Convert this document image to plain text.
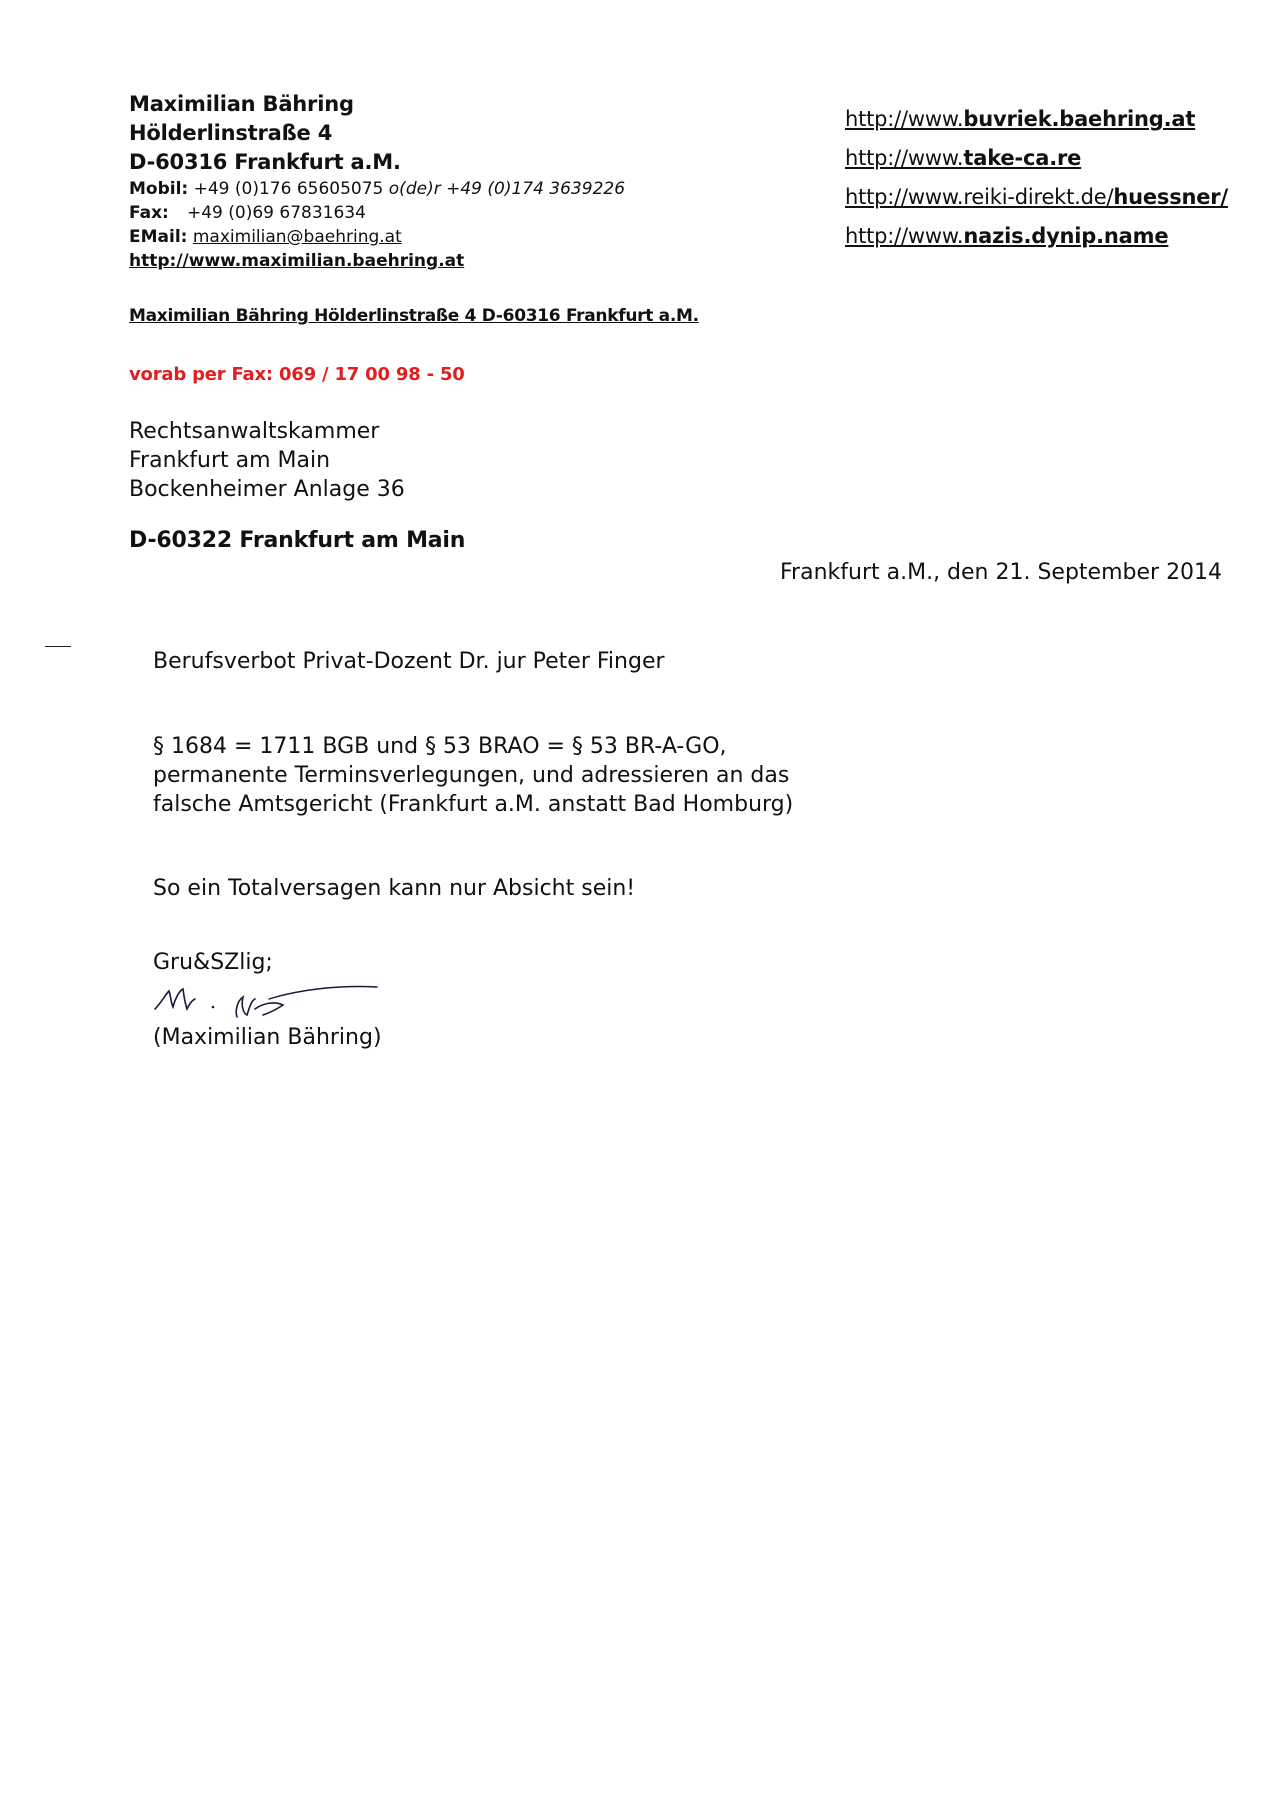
Maximilian Bähring
Hölderlinstraße 4
D-60316 Frankfurt a.M.
Mobil: +49 (0)176 65605075 o(de)r +49 (0)174 3639226
Fax: +49 (0)69 67831634
EMail: maximilian@baehring.at
http://www.maximilian.baehring.at
http://www.buvriek.baehring.at
http://www.take-ca.re
http://www.reiki-direkt.de/huessner/
http://www.nazis.dynip.name
Maximilian Bähring Hölderlinstraße 4 D-60316 Frankfurt a.M.
vorab per Fax: 069 / 17 00 98 - 50
Rechtsanwaltskammer
Frankfurt am Main
Bockenheimer Anlage 36
D-60322 Frankfurt am Main
Frankfurt a.M., den 21. September 2014

Berufsverbot Privat-Dozent Dr. jur Peter Finger

§ 1684 = 1711 BGB und § 53 BRAO = § 53 BR-A-GO,

permanente Terminsverlegungen, und adressieren an das

falsche Amtsgericht (Frankfurt a.M. anstatt Bad Homburg)

So ein Totalversagen kann nur Absicht sein!

Gru&SZlig;

(Maximilian Bähring)
